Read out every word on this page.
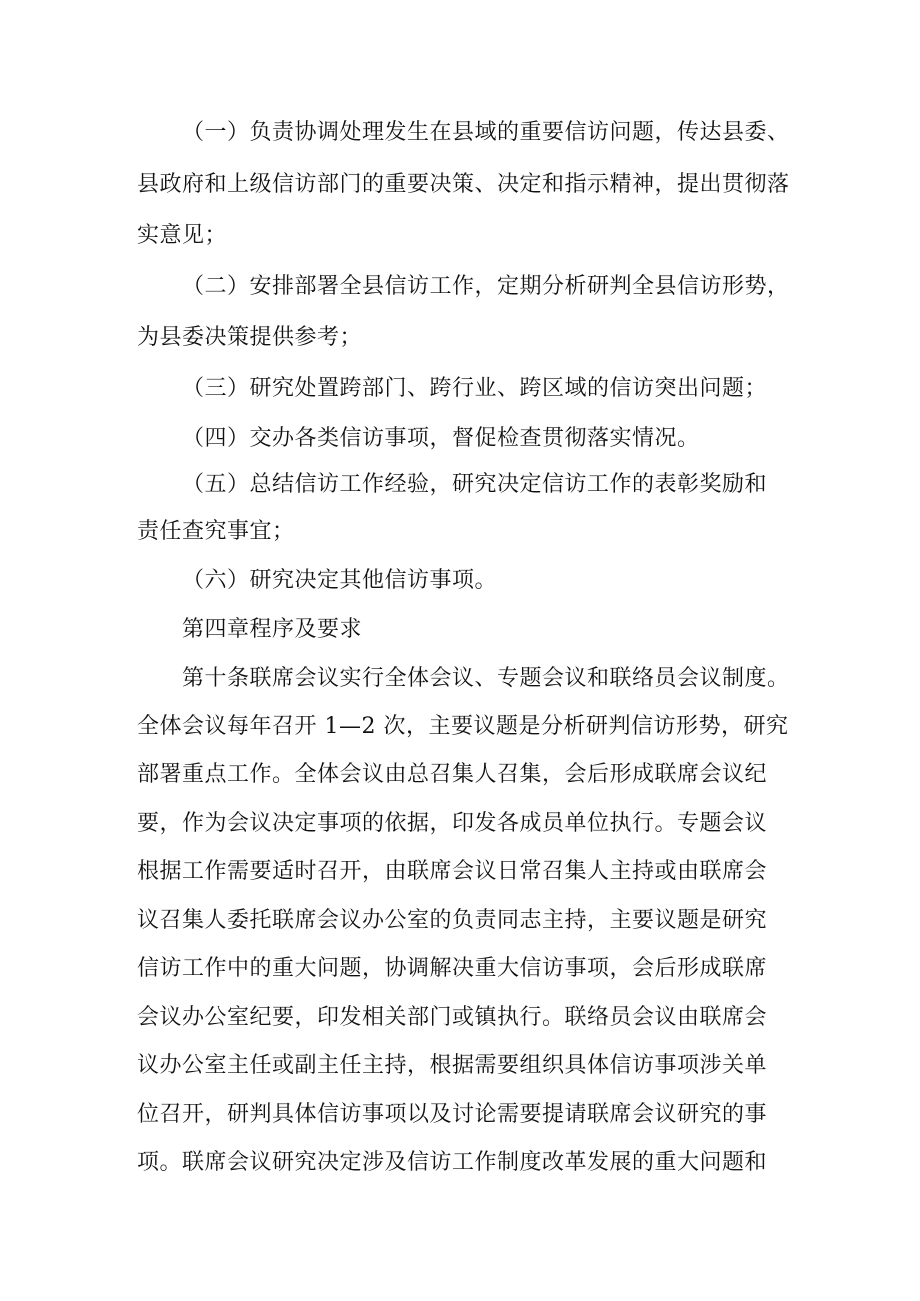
（一）负责协调处理发生在县域的重要信访问题，传达县委、

县政府和上级信访部门的重要决策、决定和指示精神，提出贯彻落

实意见；

（二）安排部署全县信访工作，定期分析研判全县信访形势，

为县委决策提供参考；

（三）研究处置跨部门、跨行业、跨区域的信访突出问题；

（四）交办各类信访事项，督促检查贯彻落实情况。

（五）总结信访工作经验，研究决定信访工作的表彰奖励和

责任查究事宜；

（六）研究决定其他信访事项。

第四章程序及要求

第十条联席会议实行全体会议、专题会议和联络员会议制度。

全体会议每年召开 1—2 次，主要议题是分析研判信访形势，研究

部署重点工作。全体会议由总召集人召集，会后形成联席会议纪

要，作为会议决定事项的依据，印发各成员单位执行。专题会议

根据工作需要适时召开，由联席会议日常召集人主持或由联席会

议召集人委托联席会议办公室的负责同志主持，主要议题是研究

信访工作中的重大问题，协调解决重大信访事项，会后形成联席

会议办公室纪要，印发相关部门或镇执行。联络员会议由联席会

议办公室主任或副主任主持，根据需要组织具体信访事项涉关单

位召开，研判具体信访事项以及讨论需要提请联席会议研究的事

项。联席会议研究决定涉及信访工作制度改革发展的重大问题和
